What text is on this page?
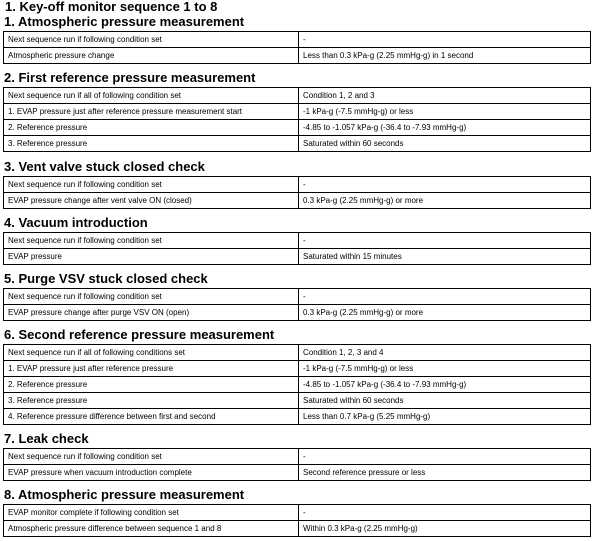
1. Key-off monitor sequence 1 to 8
1. Atmospheric pressure measurement
Next sequence run if following condition set	-
Atmospheric pressure change	Less than 0.3 kPa-g (2.25 mmHg-g) in 1 second
2. First reference pressure measurement
Next sequence run if all of following condition set	Condition 1, 2 and 3
1. EVAP pressure just after reference pressure measurement start	-1 kPa-g (-7.5 mmHg-g) or less
2. Reference pressure	-4.85 to -1.057 kPa-g (-36.4 to -7.93 mmHg-g)
3. Reference pressure	Saturated within 60 seconds
3. Vent valve stuck closed check
Next sequence run if following condition set	-
EVAP pressure change after vent valve ON (closed)	0.3 kPa-g (2.25 mmHg-g) or more
4. Vacuum introduction
Next sequence run if following condition set	-
EVAP pressure	Saturated within 15 minutes
5. Purge VSV stuck closed check
Next sequence run if following condition set	-
EVAP pressure change after purge VSV ON (open)	0.3 kPa-g (2.25 mmHg-g) or more
6. Second reference pressure measurement
Next sequence run if all of following conditions set	Condition 1, 2, 3 and 4
1. EVAP pressure just after reference pressure	-1 kPa-g (-7.5 mmHg-g) or less
2. Reference pressure	-4.85 to -1.057 kPa-g (-36.4 to -7.93 mmHg-g)
3. Reference pressure	Saturated within 60 seconds
4. Reference pressure difference between first and second	Less than 0.7 kPa-g (5.25 mmHg-g)
7. Leak check
Next sequence run if following condition set	-
EVAP pressure when vacuum introduction complete	Second reference pressure or less
8. Atmospheric pressure measurement
EVAP monitor complete if following condition set	-
Atmospheric pressure difference between sequence 1 and 8	Within 0.3 kPa-g (2.25 mmHg-g)
